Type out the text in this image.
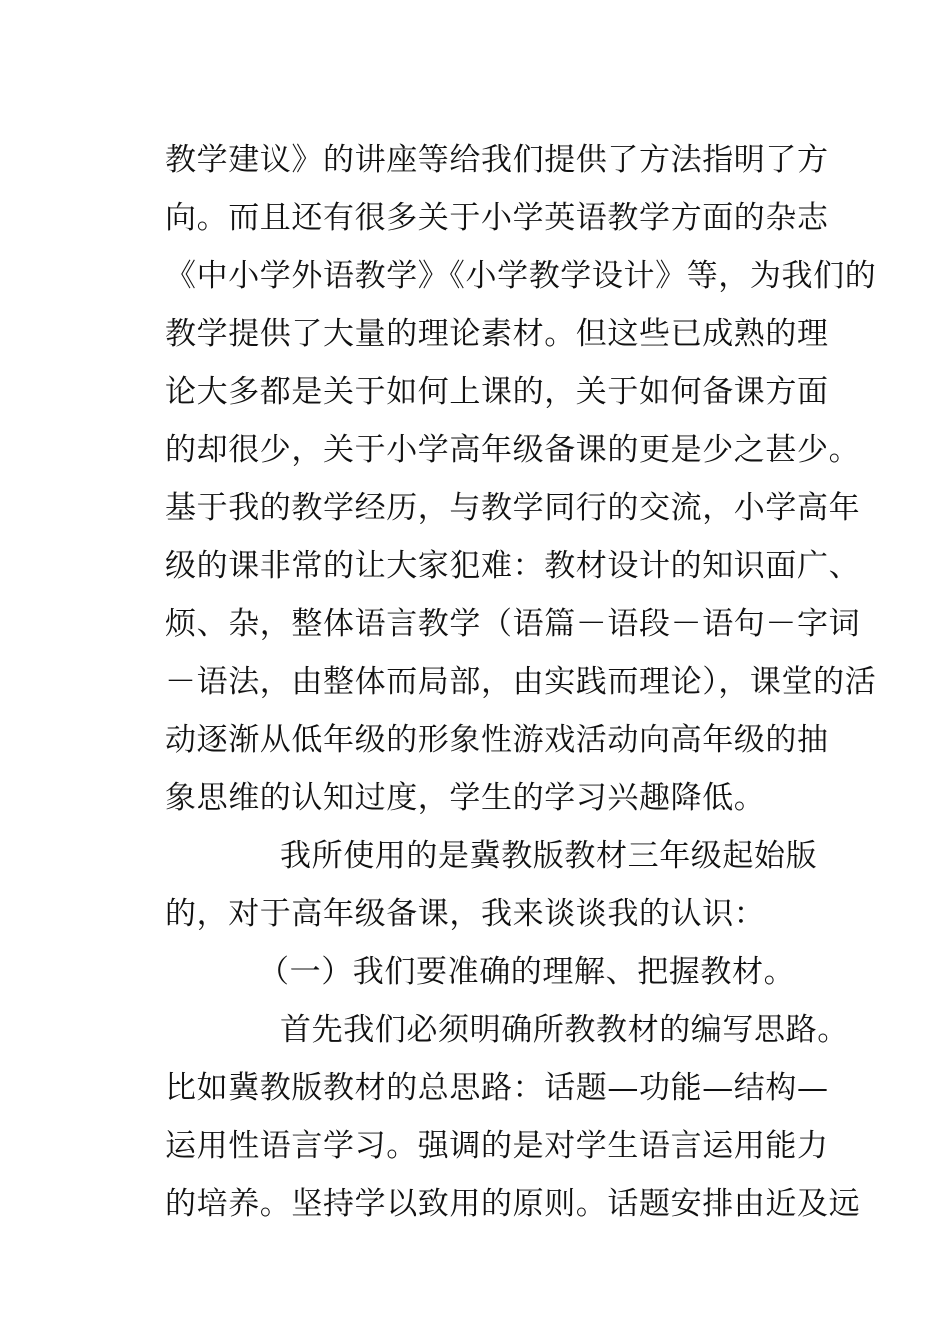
教学建议》的讲座等给我们提供了方法指明了方
向。而且还有很多关于小学英语教学方面的杂志
《中小学外语教学》《小学教学设计》等，为我们的
教学提供了大量的理论素材。但这些已成熟的理
论大多都是关于如何上课的，关于如何备课方面
的却很少，关于小学高年级备课的更是少之甚少。
基于我的教学经历，与教学同行的交流，小学高年
级的课非常的让大家犯难：教材设计的知识面广、
烦、杂，整体语言教学（语篇－语段－语句－字词
－语法，由整体而局部，由实践而理论），课堂的活
动逐渐从低年级的形象性游戏活动向高年级的抽
象思维的认知过度，学生的学习兴趣降低。
我所使用的是冀教版教材三年级起始版
的，对于高年级备课，我来谈谈我的认识：
（一）我们要准确的理解、把握教材。
首先我们必须明确所教教材的编写思路。
比如冀教版教材的总思路：话题—功能—结构—
运用性语言学习。强调的是对学生语言运用能力
的培养。坚持学以致用的原则。话题安排由近及远
